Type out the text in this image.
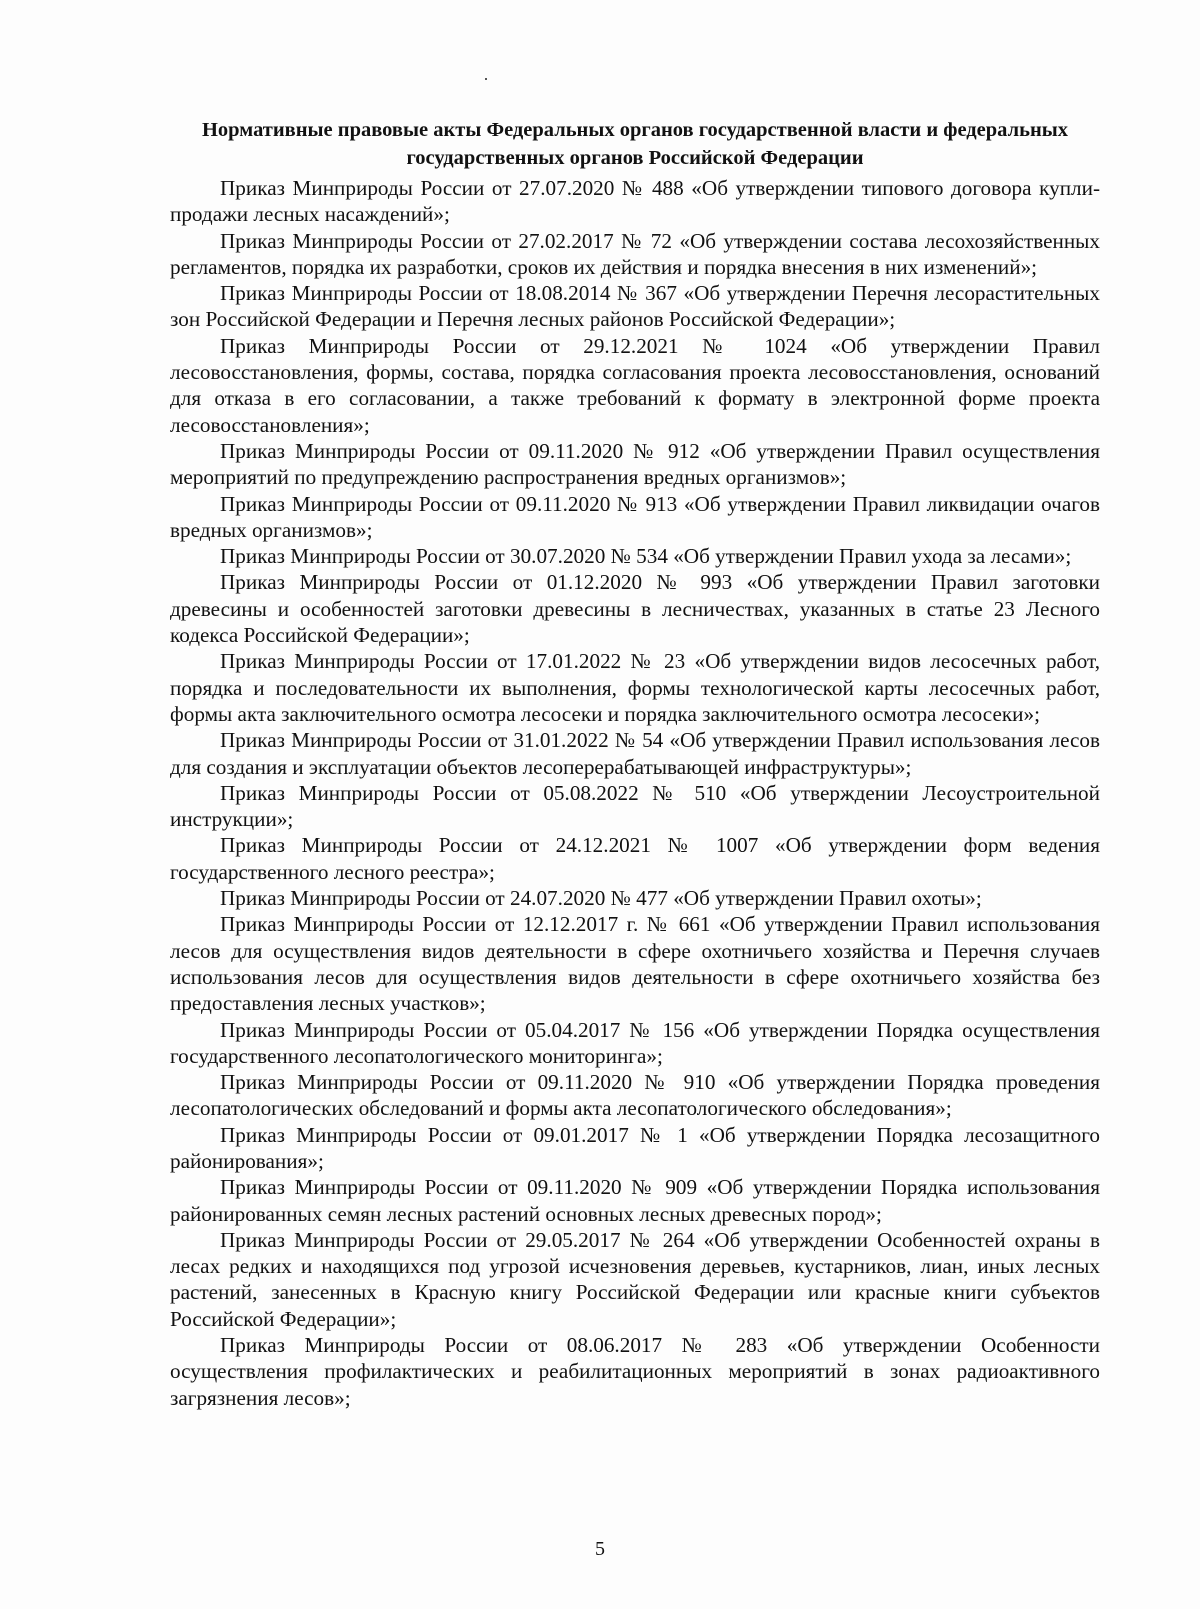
Нормативные правовые акты Федеральных органов государственной власти и федеральных государственных органов Российской Федерации

Приказ Минприроды России от 27.07.2020 № 488 «Об утверждении типового договора купли-продажи лесных насаждений»;

Приказ Минприроды России от 27.02.2017 № 72 «Об утверждении состава лесохозяйственных регламентов, порядка их разработки, сроков их действия и порядка внесения в них изменений»;

Приказ Минприроды России от 18.08.2014 № 367 «Об утверждении Перечня лесорастительных зон Российской Федерации и Перечня лесных районов Российской Федерации»;

Приказ Минприроды России от 29.12.2021 № 1024 «Об утверждении Правил лесовосстановления, формы, состава, порядка согласования проекта лесовосстановления, оснований для отказа в его согласовании, а также требований к формату в электронной форме проекта лесовосстановления»;

Приказ Минприроды России от 09.11.2020 № 912 «Об утверждении Правил осуществления мероприятий по предупреждению распространения вредных организмов»;

Приказ Минприроды России от 09.11.2020 № 913 «Об утверждении Правил ликвидации очагов вредных организмов»;

Приказ Минприроды России от 30.07.2020 № 534 «Об утверждении Правил ухода за лесами»;

Приказ Минприроды России от 01.12.2020 № 993 «Об утверждении Правил заготовки древесины и особенностей заготовки древесины в лесничествах, указанных в статье 23 Лесного кодекса Российской Федерации»;

Приказ Минприроды России от 17.01.2022 № 23 «Об утверждении видов лесосечных работ, порядка и последовательности их выполнения, формы технологической карты лесосечных работ, формы акта заключительного осмотра лесосеки и порядка заключительного осмотра лесосеки»;

Приказ Минприроды России от 31.01.2022 № 54 «Об утверждении Правил использования лесов для создания и эксплуатации объектов лесоперерабатывающей инфраструктуры»;

Приказ Минприроды России от 05.08.2022 № 510 «Об утверждении Лесоустроительной инструкции»;

Приказ Минприроды России от 24.12.2021 № 1007 «Об утверждении форм ведения государственного лесного реестра»;

Приказ Минприроды России от 24.07.2020 № 477 «Об утверждении Правил охоты»;

Приказ Минприроды России от 12.12.2017 г. № 661 «Об утверждении Правил использования лесов для осуществления видов деятельности в сфере охотничьего хозяйства и Перечня случаев использования лесов для осуществления видов деятельности в сфере охотничьего хозяйства без предоставления лесных участков»;

Приказ Минприроды России от 05.04.2017 № 156 «Об утверждении Порядка осуществления государственного лесопатологического мониторинга»;

Приказ Минприроды России от 09.11.2020 № 910 «Об утверждении Порядка проведения лесопатологических обследований и формы акта лесопатологического обследования»;

Приказ Минприроды России от 09.01.2017 № 1 «Об утверждении Порядка лесозащитного районирования»;

Приказ Минприроды России от 09.11.2020 № 909 «Об утверждении Порядка использования районированных семян лесных растений основных лесных древесных пород»;

Приказ Минприроды России от 29.05.2017 № 264 «Об утверждении Особенностей охраны в лесах редких и находящихся под угрозой исчезновения деревьев, кустарников, лиан, иных лесных растений, занесенных в Красную книгу Российской Федерации или красные книги субъектов Российской Федерации»;

Приказ Минприроды России от 08.06.2017 № 283 «Об утверждении Особенности осуществления профилактических и реабилитационных мероприятий в зонах радиоактивного загрязнения лесов»;

5
